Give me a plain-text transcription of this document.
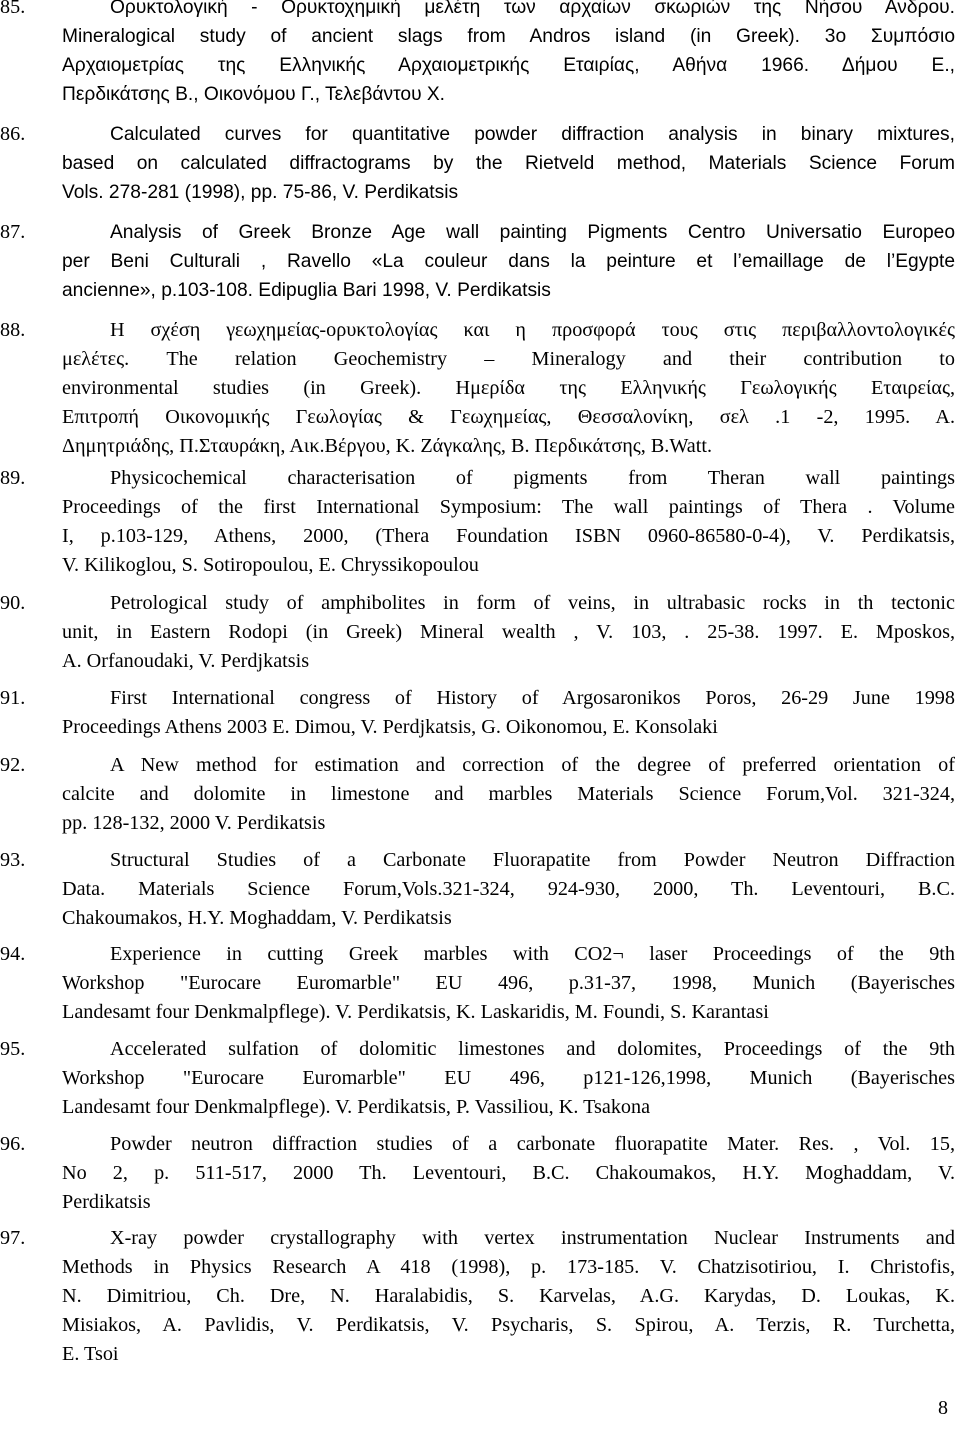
85.	Ορυκτολογική - Ορυκτοχημική μελέτη των αρχαίων σκωριών της Νήσου Ανδρου.
Mineralogical study of ancient slags from Andros island (in Greek). 3o Συμπόσιο
Αρχαιομετρίας της Ελληνικής Αρχαιομετρικής Εταιρίας, Αθήνα 1966. Δήμου Ε.,
Περδικάτσης Β., Οικονόμου Γ., Τελεβάντου Χ.
86.	Calculated curves for quantitative powder diffraction analysis in binary mixtures,
based on calculated diffractograms by the Rietveld method, Materials Science Forum
Vols. 278-281 (1998), pp. 75-86, V. Perdikatsis
87.	Analysis of Greek Bronze Age wall painting Pigments Centro Universatio Europeo
per Beni Culturali , Ravello «La couleur dans la peinture et l’emaillage de l’Egypte
ancienne», p.103-108. Edipuglia Bari 1998, V. Perdikatsis
88.	Η σχέση γεωχημείας-ορυκτολογίας και η προσφορά τους στις περιβαλλοντολογικές
μελέτες. The relation Geochemistry – Mineralogy and their contribution to
environmental studies (in Greek). Ημερίδα της Ελληνικής Γεωλογικής Εταιρείας,
Επιτροπή Οικονομικής Γεωλογίας & Γεωχημείας, Θεσσαλονίκη, σελ .1 -2, 1995. Α.
Δημητριάδης, Π.Σταυράκη, Αικ.Βέργου, Κ. Ζάγκαλης, Β. Περδικάτσης, Β.Watt.
89.	Physicochemical characterisation of pigments from Theran wall paintings
Proceedings of the first International Symposium: The wall paintings of Thera . Volume
I, p.103-129, Athens, 2000, (Thera Foundation ISBN 0960-86580-0-4), V. Perdikatsis,
V. Kilikoglou, S. Sotiropoulou, E. Chryssikopoulou
90.	Petrological study of amphibolites in form of veins, in ultrabasic rocks in th tectonic
unit, in Eastern Rodopi (in Greek) Mineral wealth , V. 103, . 25-38. 1997. E. Mposkos,
A. Orfanoudaki, V. Perdjkatsis
91.	First International congress of History of Argosaronikos Poros, 26-29 June 1998
Proceedings Athens 2003 E. Dimou, V. Perdjkatsis, G. Oikonomou, E. Konsolaki
92.	A New method for estimation and correction of the degree of preferred orientation of
calcite and dolomite in limestone and marbles Materials Science Forum,Vol. 321-324,
pp. 128-132, 2000 V. Perdikatsis
93.	Structural Studies of a Carbonate Fluorapatite from Powder Neutron Diffraction
Data. Materials Science Forum,Vols.321-324, 924-930, 2000, Th. Leventouri, B.C.
Chakoumakos, H.Y. Moghaddam, V. Perdikatsis
94.	Experience in cutting Greek marbles with CO2¬ laser Proceedings of the 9th
Workshop "Eurocare Euromarble" EU 496, p.31-37, 1998, Munich (Bayerisches
Landesamt four Denkmalpflege). V. Perdikatsis, K. Laskaridis, M. Foundi, S. Karantasi
95.	Accelerated sulfation of dolomitic limestones and dolomites, Proceedings of the 9th
Workshop "Eurocare Euromarble" EU 496, p121-126,1998, Munich (Bayerisches
Landesamt four Denkmalpflege). V. Perdikatsis, P. Vassiliou, K. Tsakona
96.	Powder neutron diffraction studies of a carbonate fluorapatite Mater. Res. , Vol. 15,
No 2, p. 511-517, 2000 Th. Leventouri, B.C. Chakoumakos, H.Y. Moghaddam, V.
Perdikatsis
97.	X-ray powder crystallography with vertex instrumentation Nuclear Instruments and
Methods in Physics Research A 418 (1998), p. 173-185. V. Chatzisotiriou, I. Christofis,
N. Dimitriou, Ch. Dre, N. Haralabidis, S. Karvelas, A.G. Karydas, D. Loukas, K.
Misiakos, A. Pavlidis, V. Perdikatsis, V. Psycharis, S. Spirou, A. Terzis, R. Turchetta,
E. Tsoi
8
